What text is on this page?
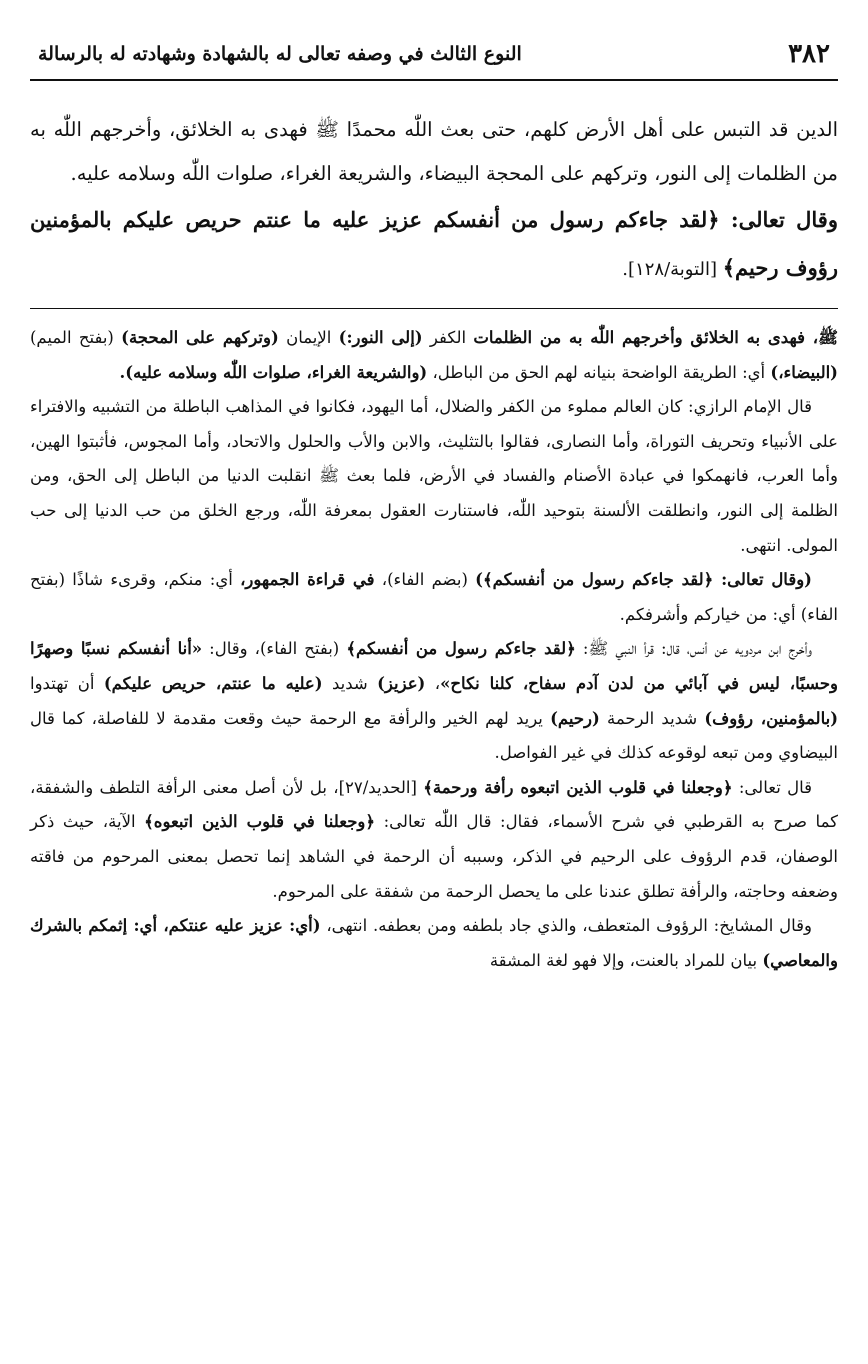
٣٨٢
النوع الثالث في وصفه تعالى له بالشهادة وشهادته له بالرسالة

الدين قد التبس على أهل الأرض كلهم، حتى بعث اللّٰه محمدًا ﷺ فهدى به الخلائق، وأخرجهم اللّٰه به من الظلمات إلى النور، وتركهم على المحجة البيضاء، والشريعة الغراء، صلوات اللّٰه وسلامه عليه.

وقال تعالى: ﴿لقد جاءكم رسول من أنفسكم عزيز عليه ما عنتم حريص عليكم بالمؤمنين رؤوف رحيم﴾ [التوبة/١٢٨].

ﷺ، فهدى به الخلائق وأخرجهم اللّٰه به من الظلمات الكفر (إلى النور:) الإيمان (وتركهم على المحجة) (بفتح الميم) (البيضاء،) أي: الطريقة الواضحة بنيانه لهم الحق من الباطل، (والشريعة الغراء، صلوات اللّٰه وسلامه عليه).

قال الإمام الرازي: كان العالم مملوء من الكفر والضلال، أما اليهود، فكانوا في المذاهب الباطلة من التشبيه والافتراء على الأنبياء وتحريف التوراة، وأما النصارى، فقالوا بالتثليث، والابن والأب والحلول والاتحاد، وأما المجوس، فأثبتوا الهين، وأما العرب، فانهمكوا في عبادة الأصنام والفساد في الأرض، فلما بعث ﷺ انقلبت الدنيا من الباطل إلى الحق، ومن الظلمة إلى النور، وانطلقت الألسنة بتوحيد اللّٰه، فاستنارت العقول بمعرفة اللّٰه، ورجع الخلق من حب الدنيا إلى حب المولى. انتهى.

(وقال تعالى: ﴿لقد جاءكم رسول من أنفسكم﴾) (بضم الفاء)، في قراءة الجمهور، أي: منكم، وقرىء شاذًا (بفتح الفاء) أي: من خياركم وأشرفكم.

وأخرج ابن مردويه عن أنس، قال: قرأ النبي ﷺ: ﴿لقد جاءكم رسول من أنفسكم﴾ (بفتح الفاء)، وقال: «أنا أنفسكم نسبًا وصهرًا وحسبًا، ليس في آبائي من لدن آدم سفاح، كلنا نكاح»، (عزيز) شديد (عليه ما عنتم، حريص عليكم) أن تهتدوا (بالمؤمنين، رؤوف) شديد الرحمة (رحيم) يريد لهم الخير والرأفة مع الرحمة حيث وقعت مقدمة لا للفاصلة، كما قال البيضاوي ومن تبعه لوقوعه كذلك في غير الفواصل.

قال تعالى: ﴿وجعلنا في قلوب الذين اتبعوه رأفة ورحمة﴾ [الحديد/٢٧]، بل لأن أصل معنى الرأفة التلطف والشفقة، كما صرح به القرطبي في شرح الأسماء، فقال: قال اللّٰه تعالى: ﴿وجعلنا في قلوب الذين اتبعوه﴾ الآية، حيث ذكر الوصفان، قدم الرؤوف على الرحيم في الذكر، وسببه أن الرحمة في الشاهد إنما تحصل بمعنى المرحوم من فاقته وضعفه وحاجته، والرأفة تطلق عندنا على ما يحصل الرحمة من شفقة على المرحوم.

وقال المشايخ: الرؤوف المتعطف، والذي جاد بلطفه ومن بعطفه. انتهى، (أي: عزيز عليه عنتكم، أي: إثمكم بالشرك والمعاصي) بيان للمراد بالعنت، وإلا فهو لغة المشقة
